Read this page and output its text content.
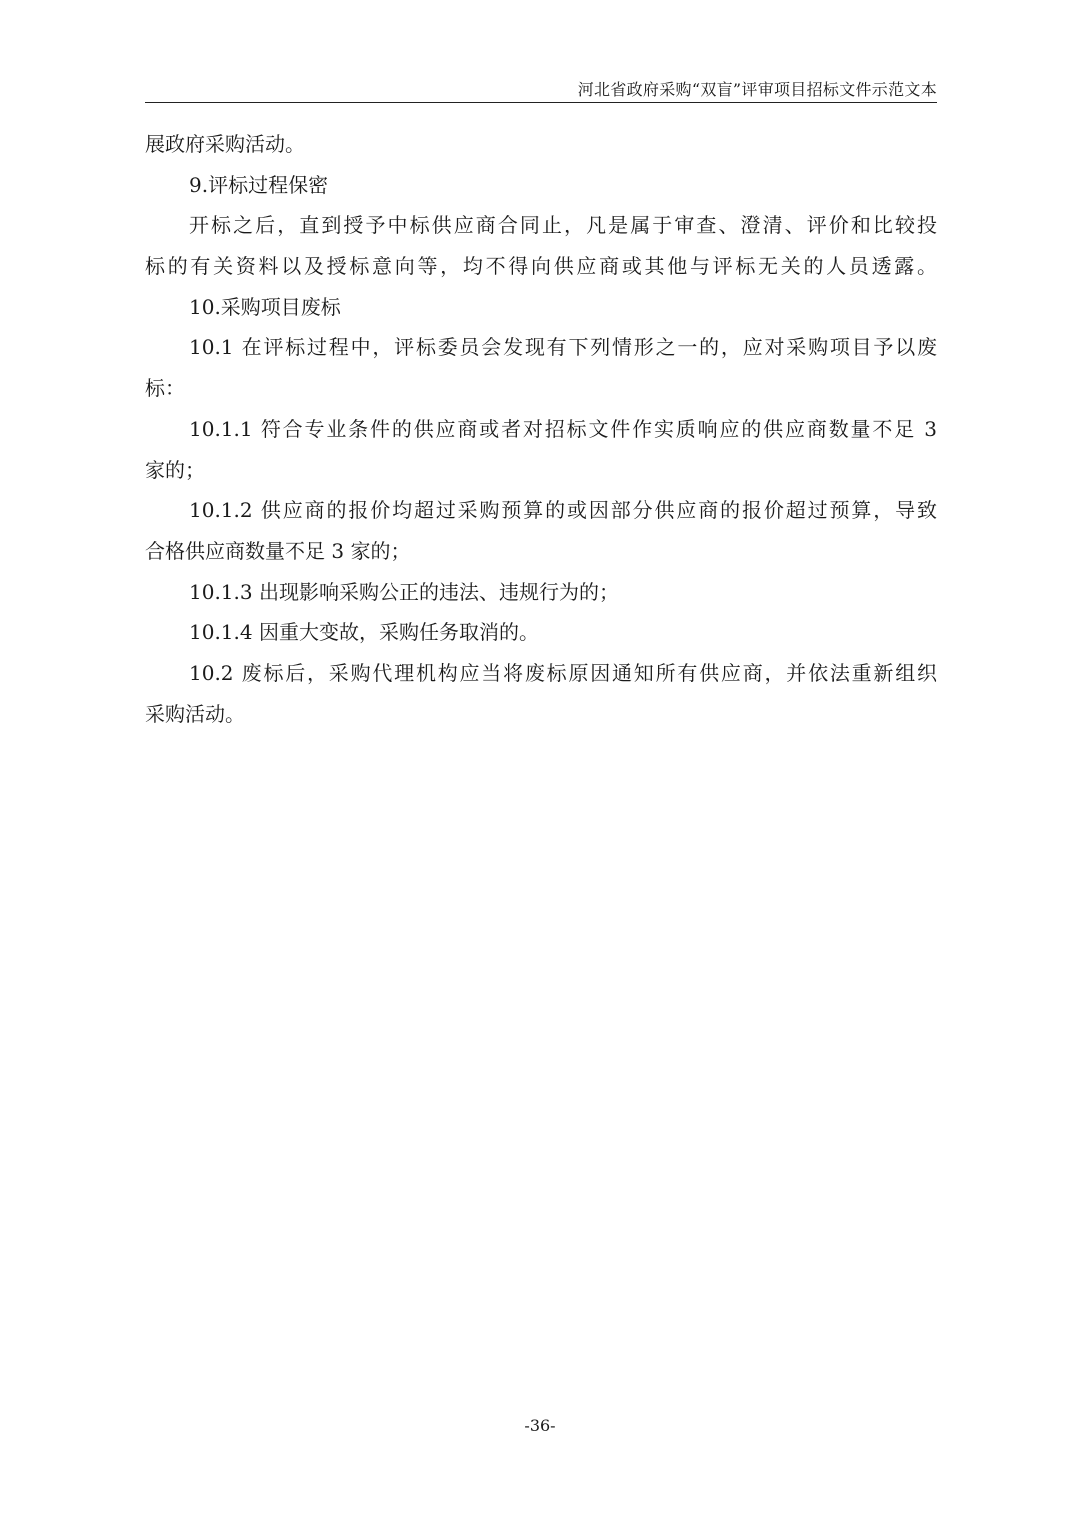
河北省政府采购“双盲”评审项目招标文件示范文本
展政府采购活动。
9.评标过程保密
开标之后，直到授予中标供应商合同止，凡是属于审查、澄清、评价和比较投
标的有关资料以及授标意向等，均不得向供应商或其他与评标无关的人员透露。
10.采购项目废标
10.1 在评标过程中，评标委员会发现有下列情形之一的，应对采购项目予以废
标：
10.1.1 符合专业条件的供应商或者对招标文件作实质响应的供应商数量不足 3
家的；
10.1.2 供应商的报价均超过采购预算的或因部分供应商的报价超过预算，导致
合格供应商数量不足 3 家的；
10.1.3 出现影响采购公正的违法、违规行为的；
10.1.4 因重大变故，采购任务取消的。
10.2 废标后，采购代理机构应当将废标原因通知所有供应商，并依法重新组织
采购活动。
-36-
